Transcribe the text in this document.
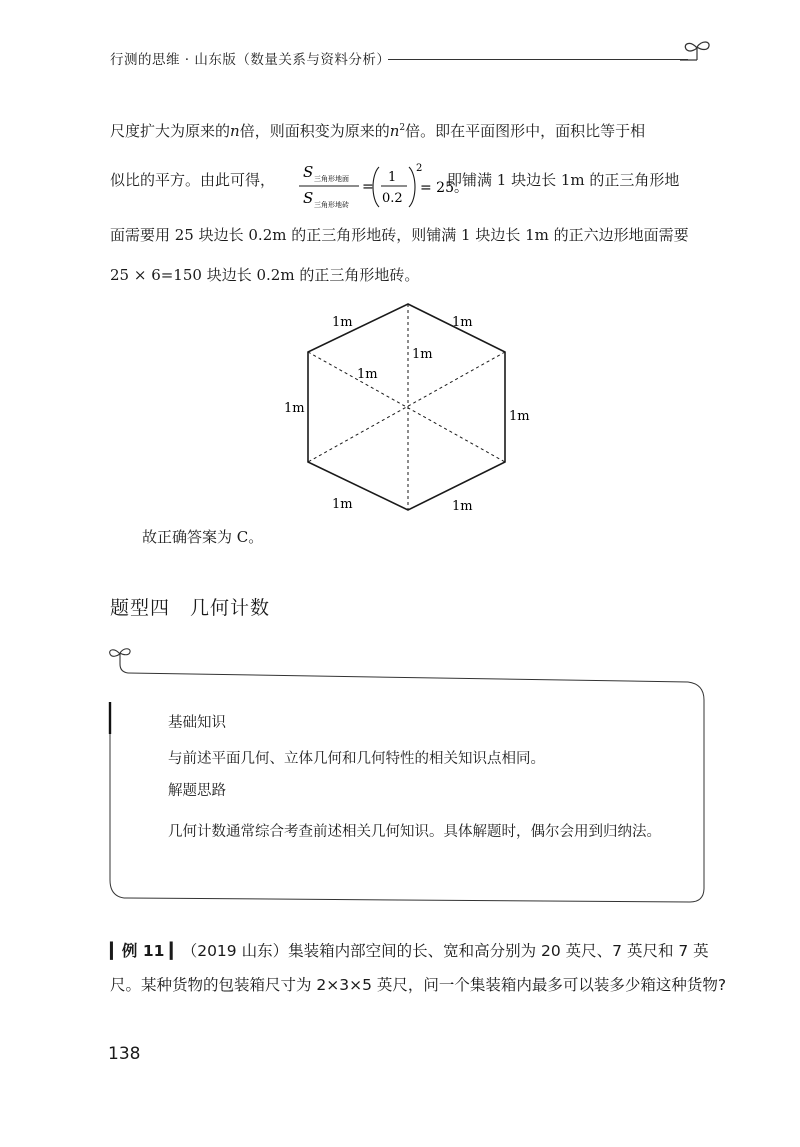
行测的思维 · 山东版（数量关系与资料分析）
尺度扩大为原来的n倍，则面积变为原来的$n^2$倍。即在平面图形中，面积比等于相
似比的平方。由此可得，	即铺满 1 块边长 1m 的正三角形地
S 三角形地面
S 三角形地砖
=
1
0.2
2
= 25。
面需要用 25 块边长 0.2m 的正三角形地砖，则铺满 1 块边长 1m 的正六边形地面需要
25 × 6=150 块边长 0.2m 的正三角形地砖。
1m	1m
1m
1m
1m
1m
1m	1m
故正确答案为 C。
题型四　几何计数
基础知识
与前述平面几何、立体几何和几何特性的相关知识点相同。
解题思路
几何计数通常综合考查前述相关几何知识。具体解题时，偶尔会用到归纳法。
▎例 11 ▎（2019 山东）集装箱内部空间的长、宽和高分别为 20 英尺、7 英尺和 7 英尺。某种货物的包装箱尺寸为 2×3×5 英尺，问一个集装箱内最多可以装多少箱这种货物?
138
